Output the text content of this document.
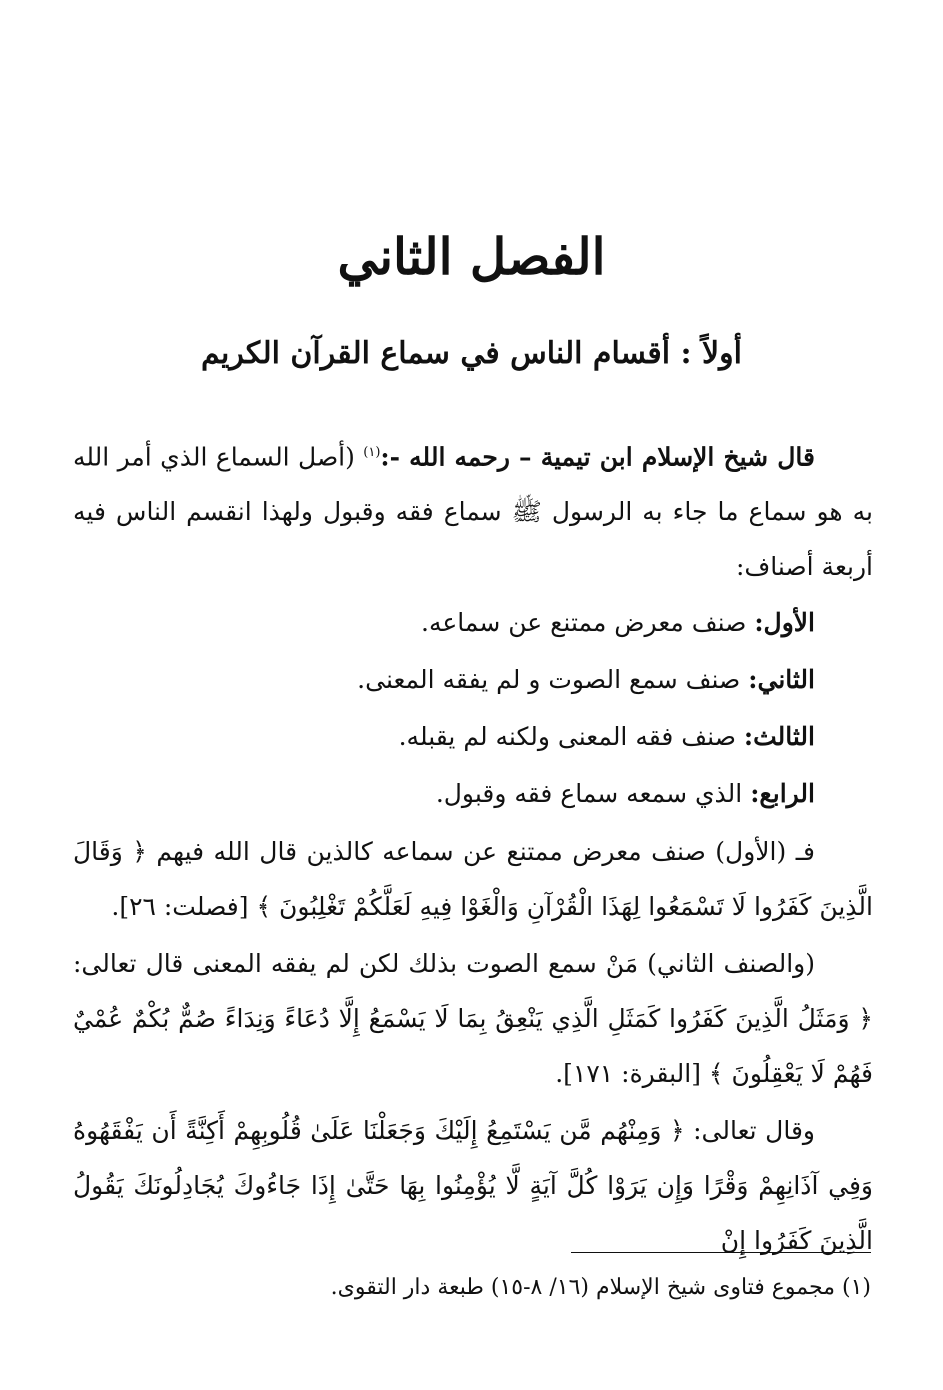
الفصل الثاني
أولاً : أقسام الناس في سماع القرآن الكريم

قال شيخ الإسلام ابن تيمية – رحمه الله -:$^{(١)}$ (أصل السماع الذي أمر الله به هو سماع ما جاء به الرسول ﷺ سماع فقه وقبول ولهذا انقسم الناس فيه أربعة أصناف:

الأول: صنف معرض ممتنع عن سماعه.

الثاني: صنف سمع الصوت و لم يفقه المعنى.

الثالث: صنف فقه المعنى ولكنه لم يقبله.

الرابع: الذي سمعه سماع فقه وقبول.

فـ (الأول) صنف معرض ممتنع عن سماعه كالذين قال الله فيهم ﴿ وَقَالَ الَّذِينَ كَفَرُوا لَا تَسْمَعُوا لِهَذَا الْقُرْآنِ وَالْغَوْا فِيهِ لَعَلَّكُمْ تَغْلِبُونَ ﴾ [فصلت: ٢٦].

(والصنف الثاني) مَنْ سمع الصوت بذلك لكن لم يفقه المعنى قال تعالى: ﴿ وَمَثَلُ الَّذِينَ كَفَرُوا كَمَثَلِ الَّذِي يَنْعِقُ بِمَا لَا يَسْمَعُ إِلَّا دُعَاءً وَنِدَاءً صُمٌّ بُكْمٌ عُمْيٌ فَهُمْ لَا يَعْقِلُونَ ﴾ [البقرة: ١٧١].

وقال تعالى: ﴿ وَمِنْهُم مَّن يَسْتَمِعُ إِلَيْكَ وَجَعَلْنَا عَلَىٰ قُلُوبِهِمْ أَكِنَّةً أَن يَفْقَهُوهُ وَفِي آذَانِهِمْ وَقْرًا وَإِن يَرَوْا كُلَّ آيَةٍ لَّا يُؤْمِنُوا بِهَا حَتَّىٰ إِذَا جَاءُوكَ يُجَادِلُونَكَ يَقُولُ الَّذِينَ كَفَرُوا إِنْ

(١) مجموع فتاوى شيخ الإسلام (١٦/ ٨-١٥) طبعة دار التقوى.
